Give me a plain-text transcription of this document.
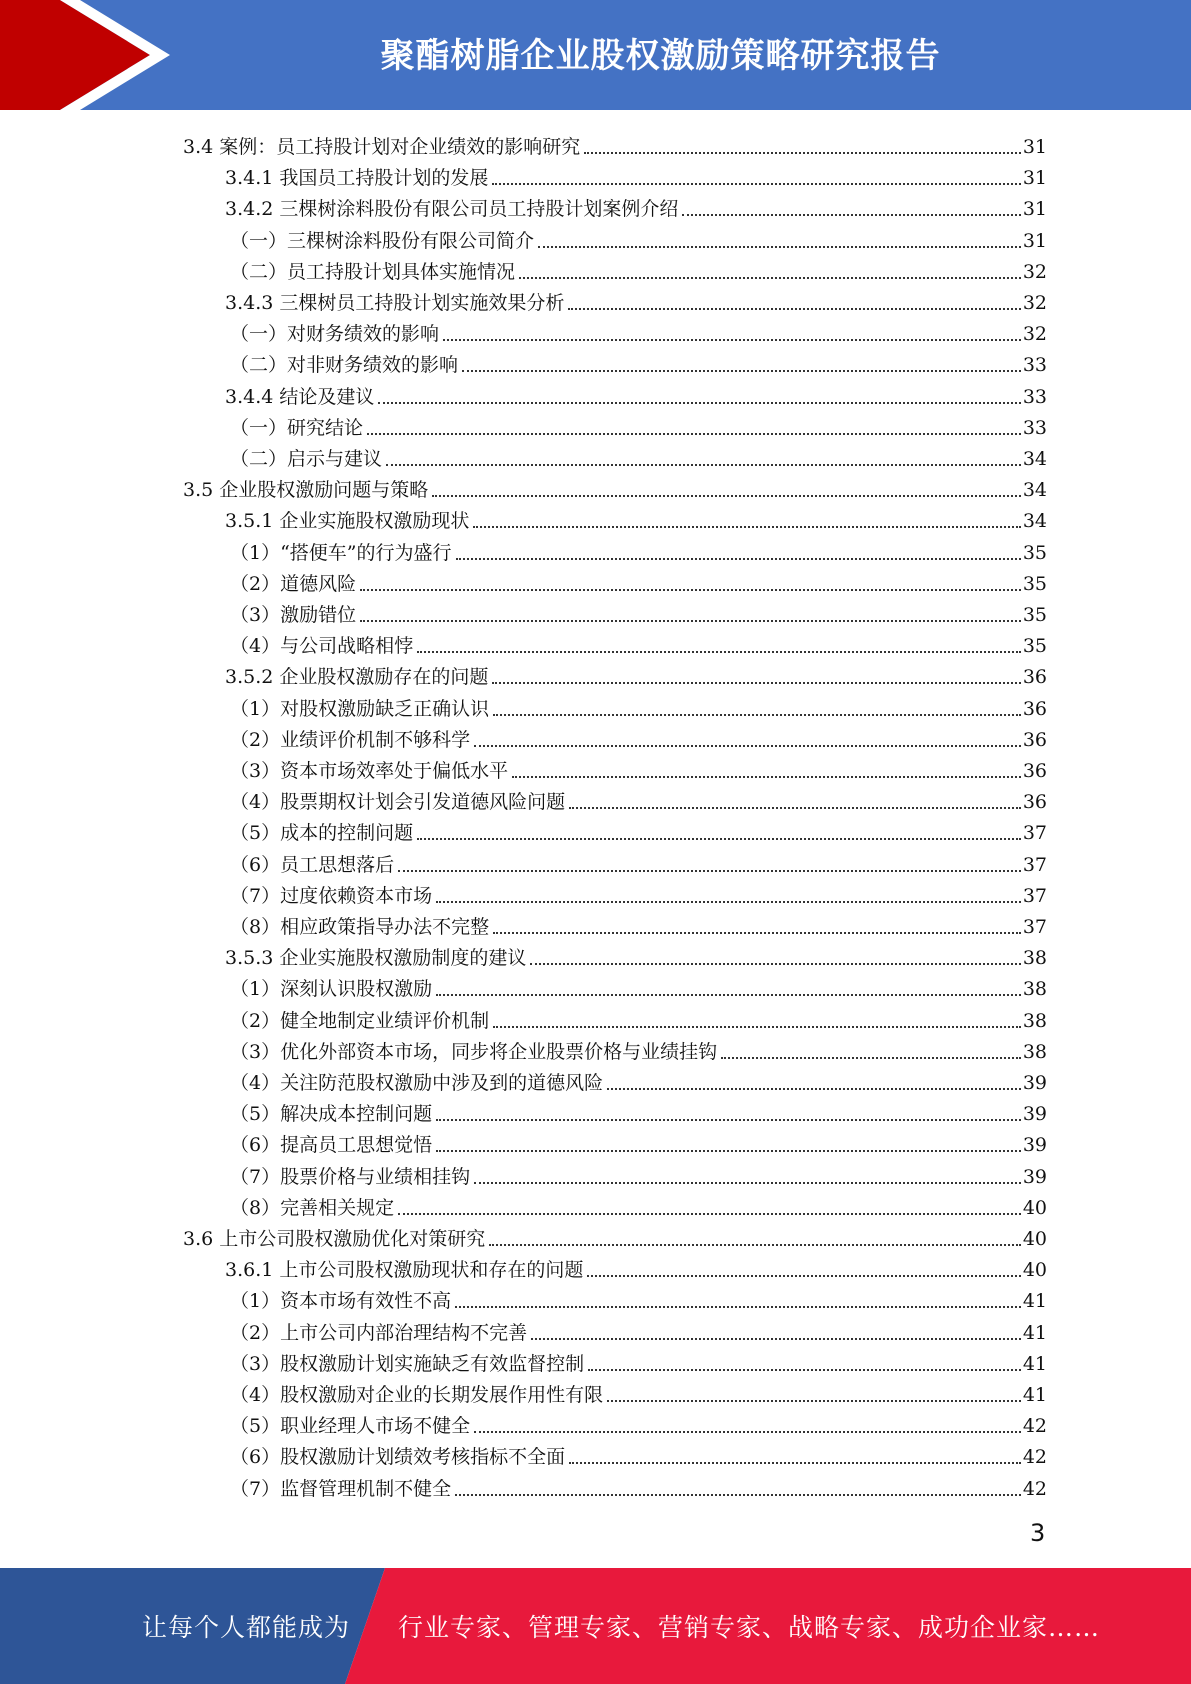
聚酯树脂企业股权激励策略研究报告
3.4 案例：员工持股计划对企业绩效的影响研究	31
3.4.1 我国员工持股计划的发展	31
3.4.2 三棵树涂料股份有限公司员工持股计划案例介绍	31
（一）三棵树涂料股份有限公司简介	31
（二）员工持股计划具体实施情况	32
3.4.3 三棵树员工持股计划实施效果分析	32
（一）对财务绩效的影响	32
（二）对非财务绩效的影响	33
3.4.4 结论及建议	33
（一）研究结论	33
（二）启示与建议	34
3.5 企业股权激励问题与策略	34
3.5.1 企业实施股权激励现状	34
（1）“搭便车”的行为盛行	35
（2）道德风险	35
（3）激励错位	35
（4）与公司战略相悖	35
3.5.2 企业股权激励存在的问题	36
（1）对股权激励缺乏正确认识	36
（2）业绩评价机制不够科学	36
（3）资本市场效率处于偏低水平	36
（4）股票期权计划会引发道德风险问题	36
（5）成本的控制问题	37
（6）员工思想落后	37
（7）过度依赖资本市场	37
（8）相应政策指导办法不完整	37
3.5.3 企业实施股权激励制度的建议	38
（1）深刻认识股权激励	38
（2）健全地制定业绩评价机制	38
（3）优化外部资本市场，同步将企业股票价格与业绩挂钩	38
（4）关注防范股权激励中涉及到的道德风险	39
（5）解决成本控制问题	39
（6）提高员工思想觉悟	39
（7）股票价格与业绩相挂钩	39
（8）完善相关规定	40
3.6 上市公司股权激励优化对策研究	40
3.6.1 上市公司股权激励现状和存在的问题	40
（1）资本市场有效性不高	41
（2）上市公司内部治理结构不完善	41
（3）股权激励计划实施缺乏有效监督控制	41
（4）股权激励对企业的长期发展作用性有限	41
（5）职业经理人市场不健全	42
（6）股权激励计划绩效考核指标不全面	42
（7）监督管理机制不健全	42
3
让每个人都能成为 行业专家、管理专家、营销专家、战略专家、成功企业家……
